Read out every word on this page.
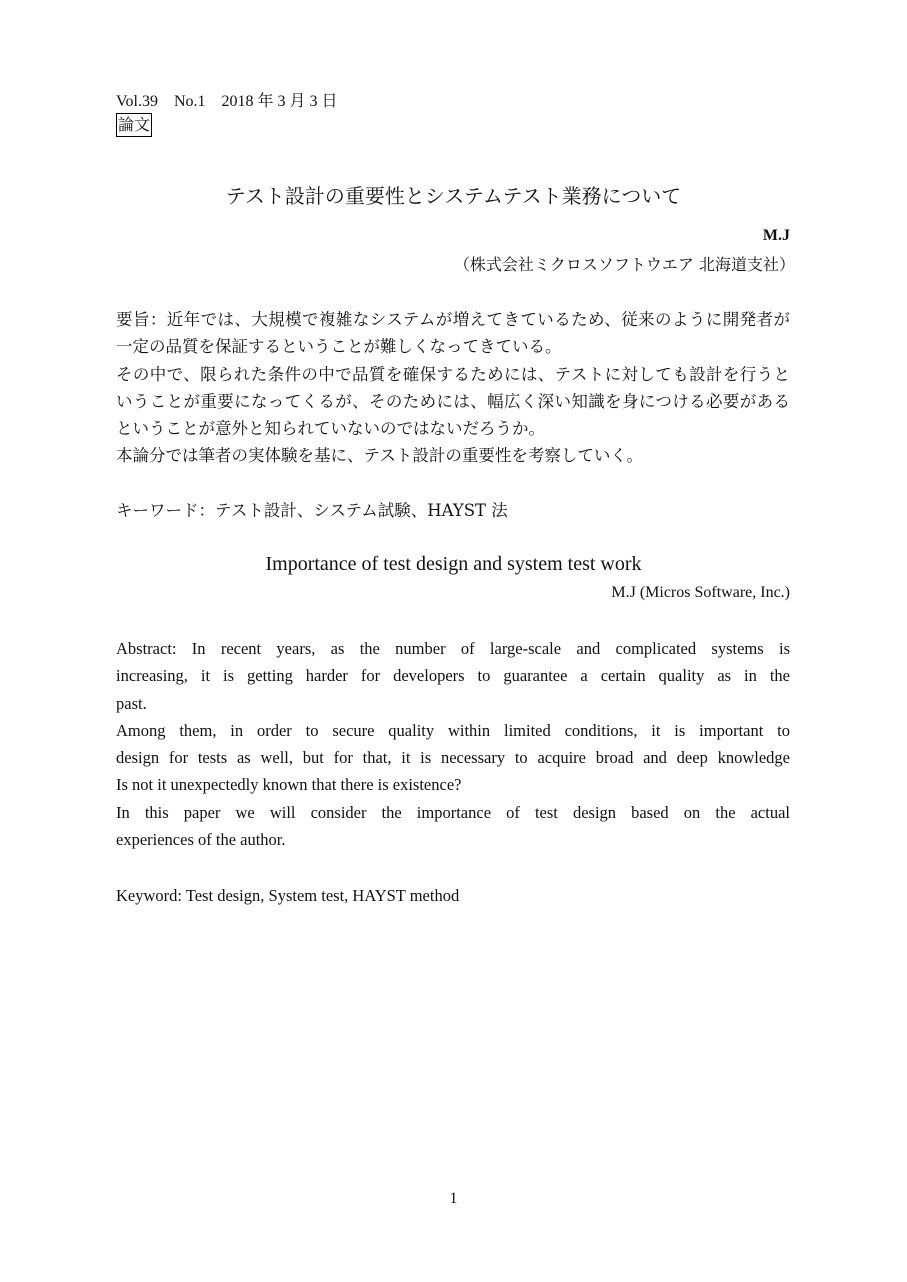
Vol.39　No.1　2018 年 3 月 3 日
論文
テスト設計の重要性とシステムテスト業務について
M.J
（株式会社ミクロスソフトウエア 北海道支社）
要旨：近年では、大規模で複雑なシステムが増えてきているため、従来のように開発者が
一定の品質を保証するということが難しくなってきている。
その中で、限られた条件の中で品質を確保するためには、テストに対しても設計を行うと
いうことが重要になってくるが、そのためには、幅広く深い知識を身につける必要がある
ということが意外と知られていないのではないだろうか。
本論分では筆者の実体験を基に、テスト設計の重要性を考察していく。
キーワード：テスト設計、システム試験、HAYST 法
Importance of test design and system test work
M.J (Micros Software, Inc.)
Abstract: In recent years, as the number of large-scale and complicated systems is
increasing, it is getting harder for developers to guarantee a certain quality as in the
past.
Among them, in order to secure quality within limited conditions, it is important to
design for tests as well, but for that, it is necessary to acquire broad and deep knowledge
Is not it unexpectedly known that there is existence?
In this paper we will consider the importance of test design based on the actual
experiences of the author.
Keyword: Test design, System test, HAYST method
1
